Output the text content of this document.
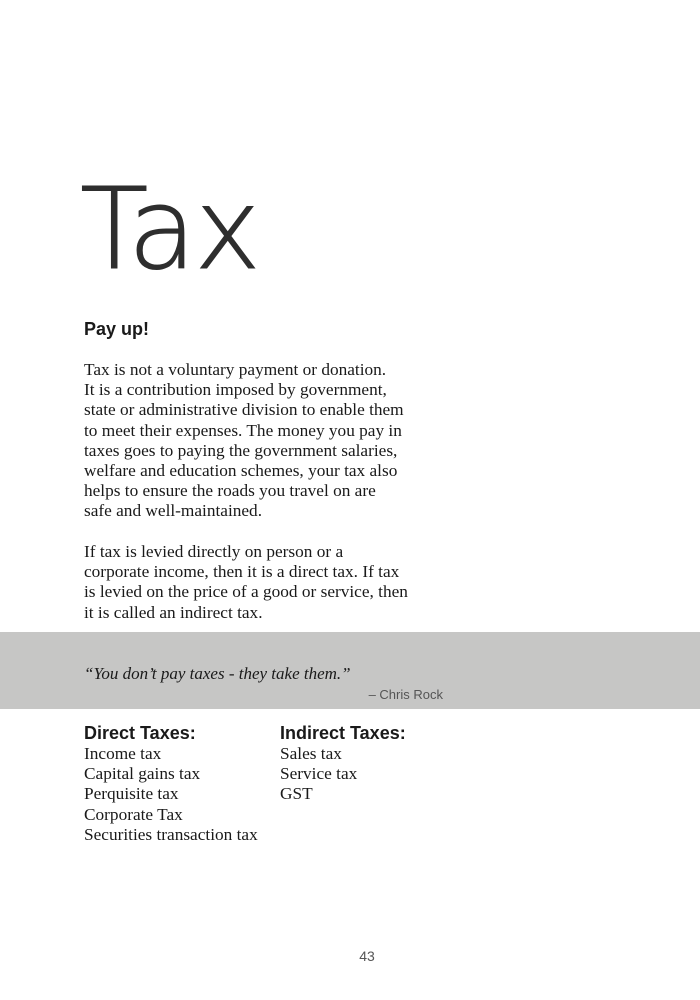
Tax
Pay up!

Tax is not a voluntary payment or donation.
It is a contribution imposed by government,
state or administrative division to enable them
to meet their expenses. The money you pay in
taxes goes to paying the government salaries,
welfare and education schemes, your tax also
helps to ensure the roads you travel on are
safe and well-maintained.

If tax is levied directly on person or a
corporate income, then it is a direct tax. If tax
is levied on the price of a good or service, then
it is called an indirect tax.

“You don’t pay taxes - they take them.”

– Chris Rock

Direct Taxes:
Income tax
Capital gains tax
Perquisite tax
Corporate Tax
Securities transaction tax
Indirect Taxes:
Sales tax
Service tax
GST

43
